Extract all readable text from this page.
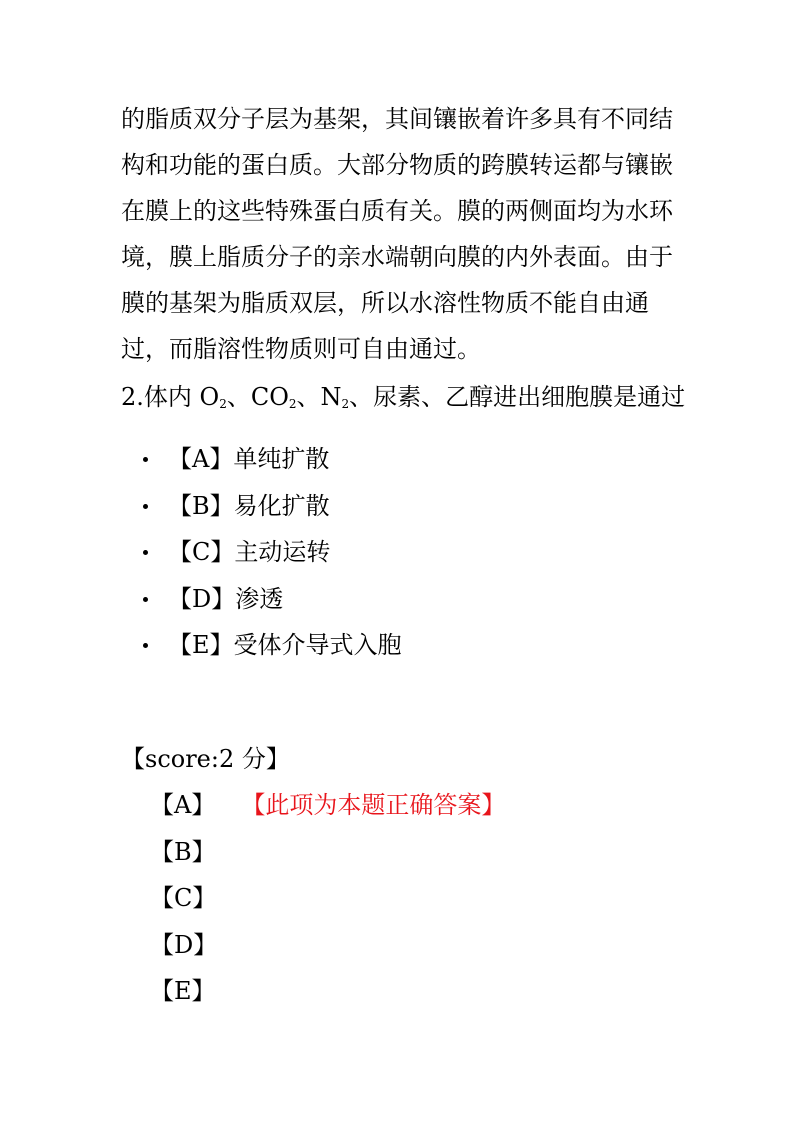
的脂质双分子层为基架，其间镶嵌着许多具有不同结
构和功能的蛋白质。大部分物质的跨膜转运都与镶嵌
在膜上的这些特殊蛋白质有关。膜的两侧面均为水环
境，膜上脂质分子的亲水端朝向膜的内外表面。由于
膜的基架为脂质双层，所以水溶性物质不能自由通
过，而脂溶性物质则可自由通过。
2.体内 $O_2$、$CO_2$、$N_2$、尿素、乙醇进出细胞膜是通过
【A】单纯扩散
【B】易化扩散
【C】主动运转
【D】渗透
【E】受体介导式入胞
【score:2 分】
【A】 【此项为本题正确答案】
【B】
【C】
【D】
【E】
